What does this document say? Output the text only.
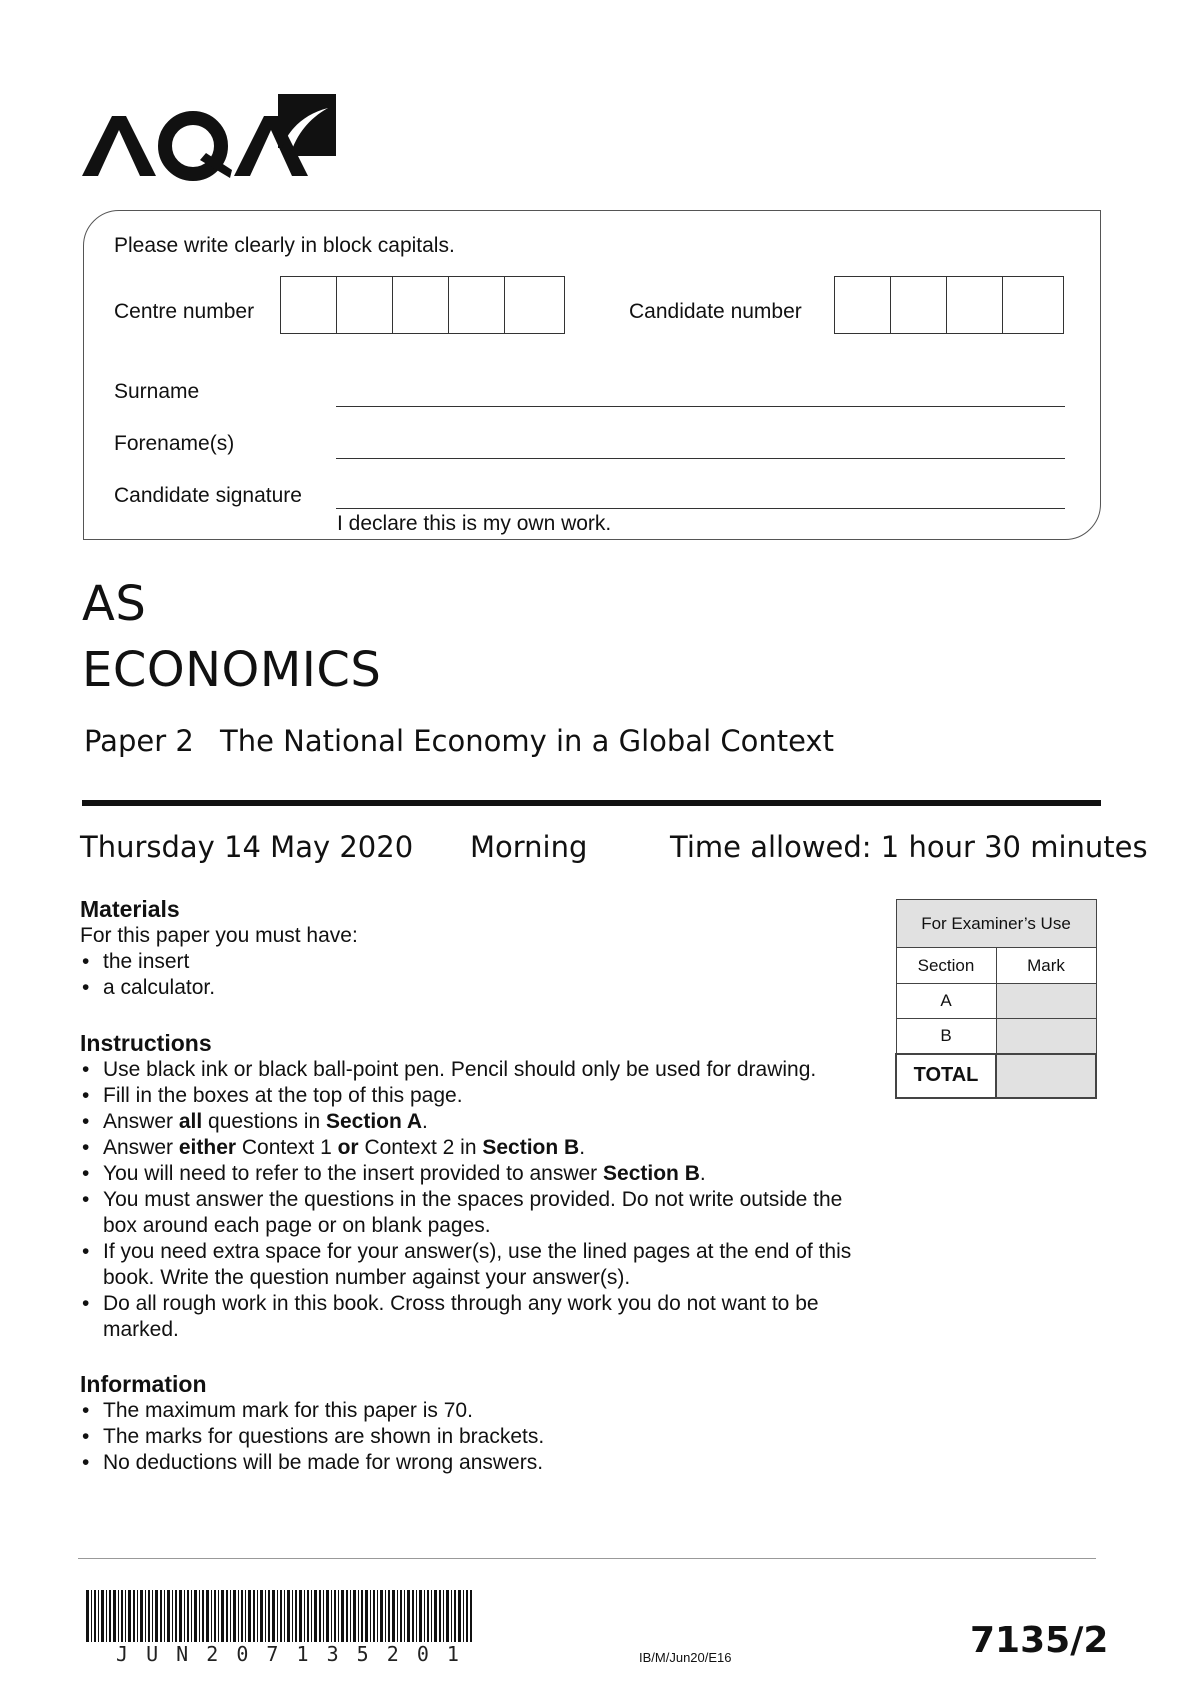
Please write clearly in block capitals.
Centre number	Candidate number
Surname
Forename(s)
Candidate signature
I declare this is my own work.
AS
ECONOMICS
Paper 2 The National Economy in a Global Context
Thursday 14 May 2020 Morning	Time allowed: 1 hour 30 minutes
Materials
For this paper you must have:
• the insert
• a calculator.
Instructions
• Use black ink or black ball-point pen. Pencil should only be used for drawing.
• Fill in the boxes at the top of this page.
• Answer all questions in Section A.
• Answer either Context 1 or Context 2 in Section B.
• You will need to refer to the insert provided to answer Section B.
• You must answer the questions in the spaces provided. Do not write outside the box around each page or on blank pages.
• If you need extra space for your answer(s), use the lined pages at the end of this book. Write the question number against your answer(s).
• Do all rough work in this book. Cross through any work you do not want to be marked.
Information
• The maximum mark for this paper is 70.
• The marks for questions are shown in brackets.
• No deductions will be made for wrong answers.
For Examiner’s Use	
Section	Mark
A	
B	
TOTAL	
J U N 2 0 7 1 3 5 2 0 1	IB/M/Jun20/E16	7135/2
